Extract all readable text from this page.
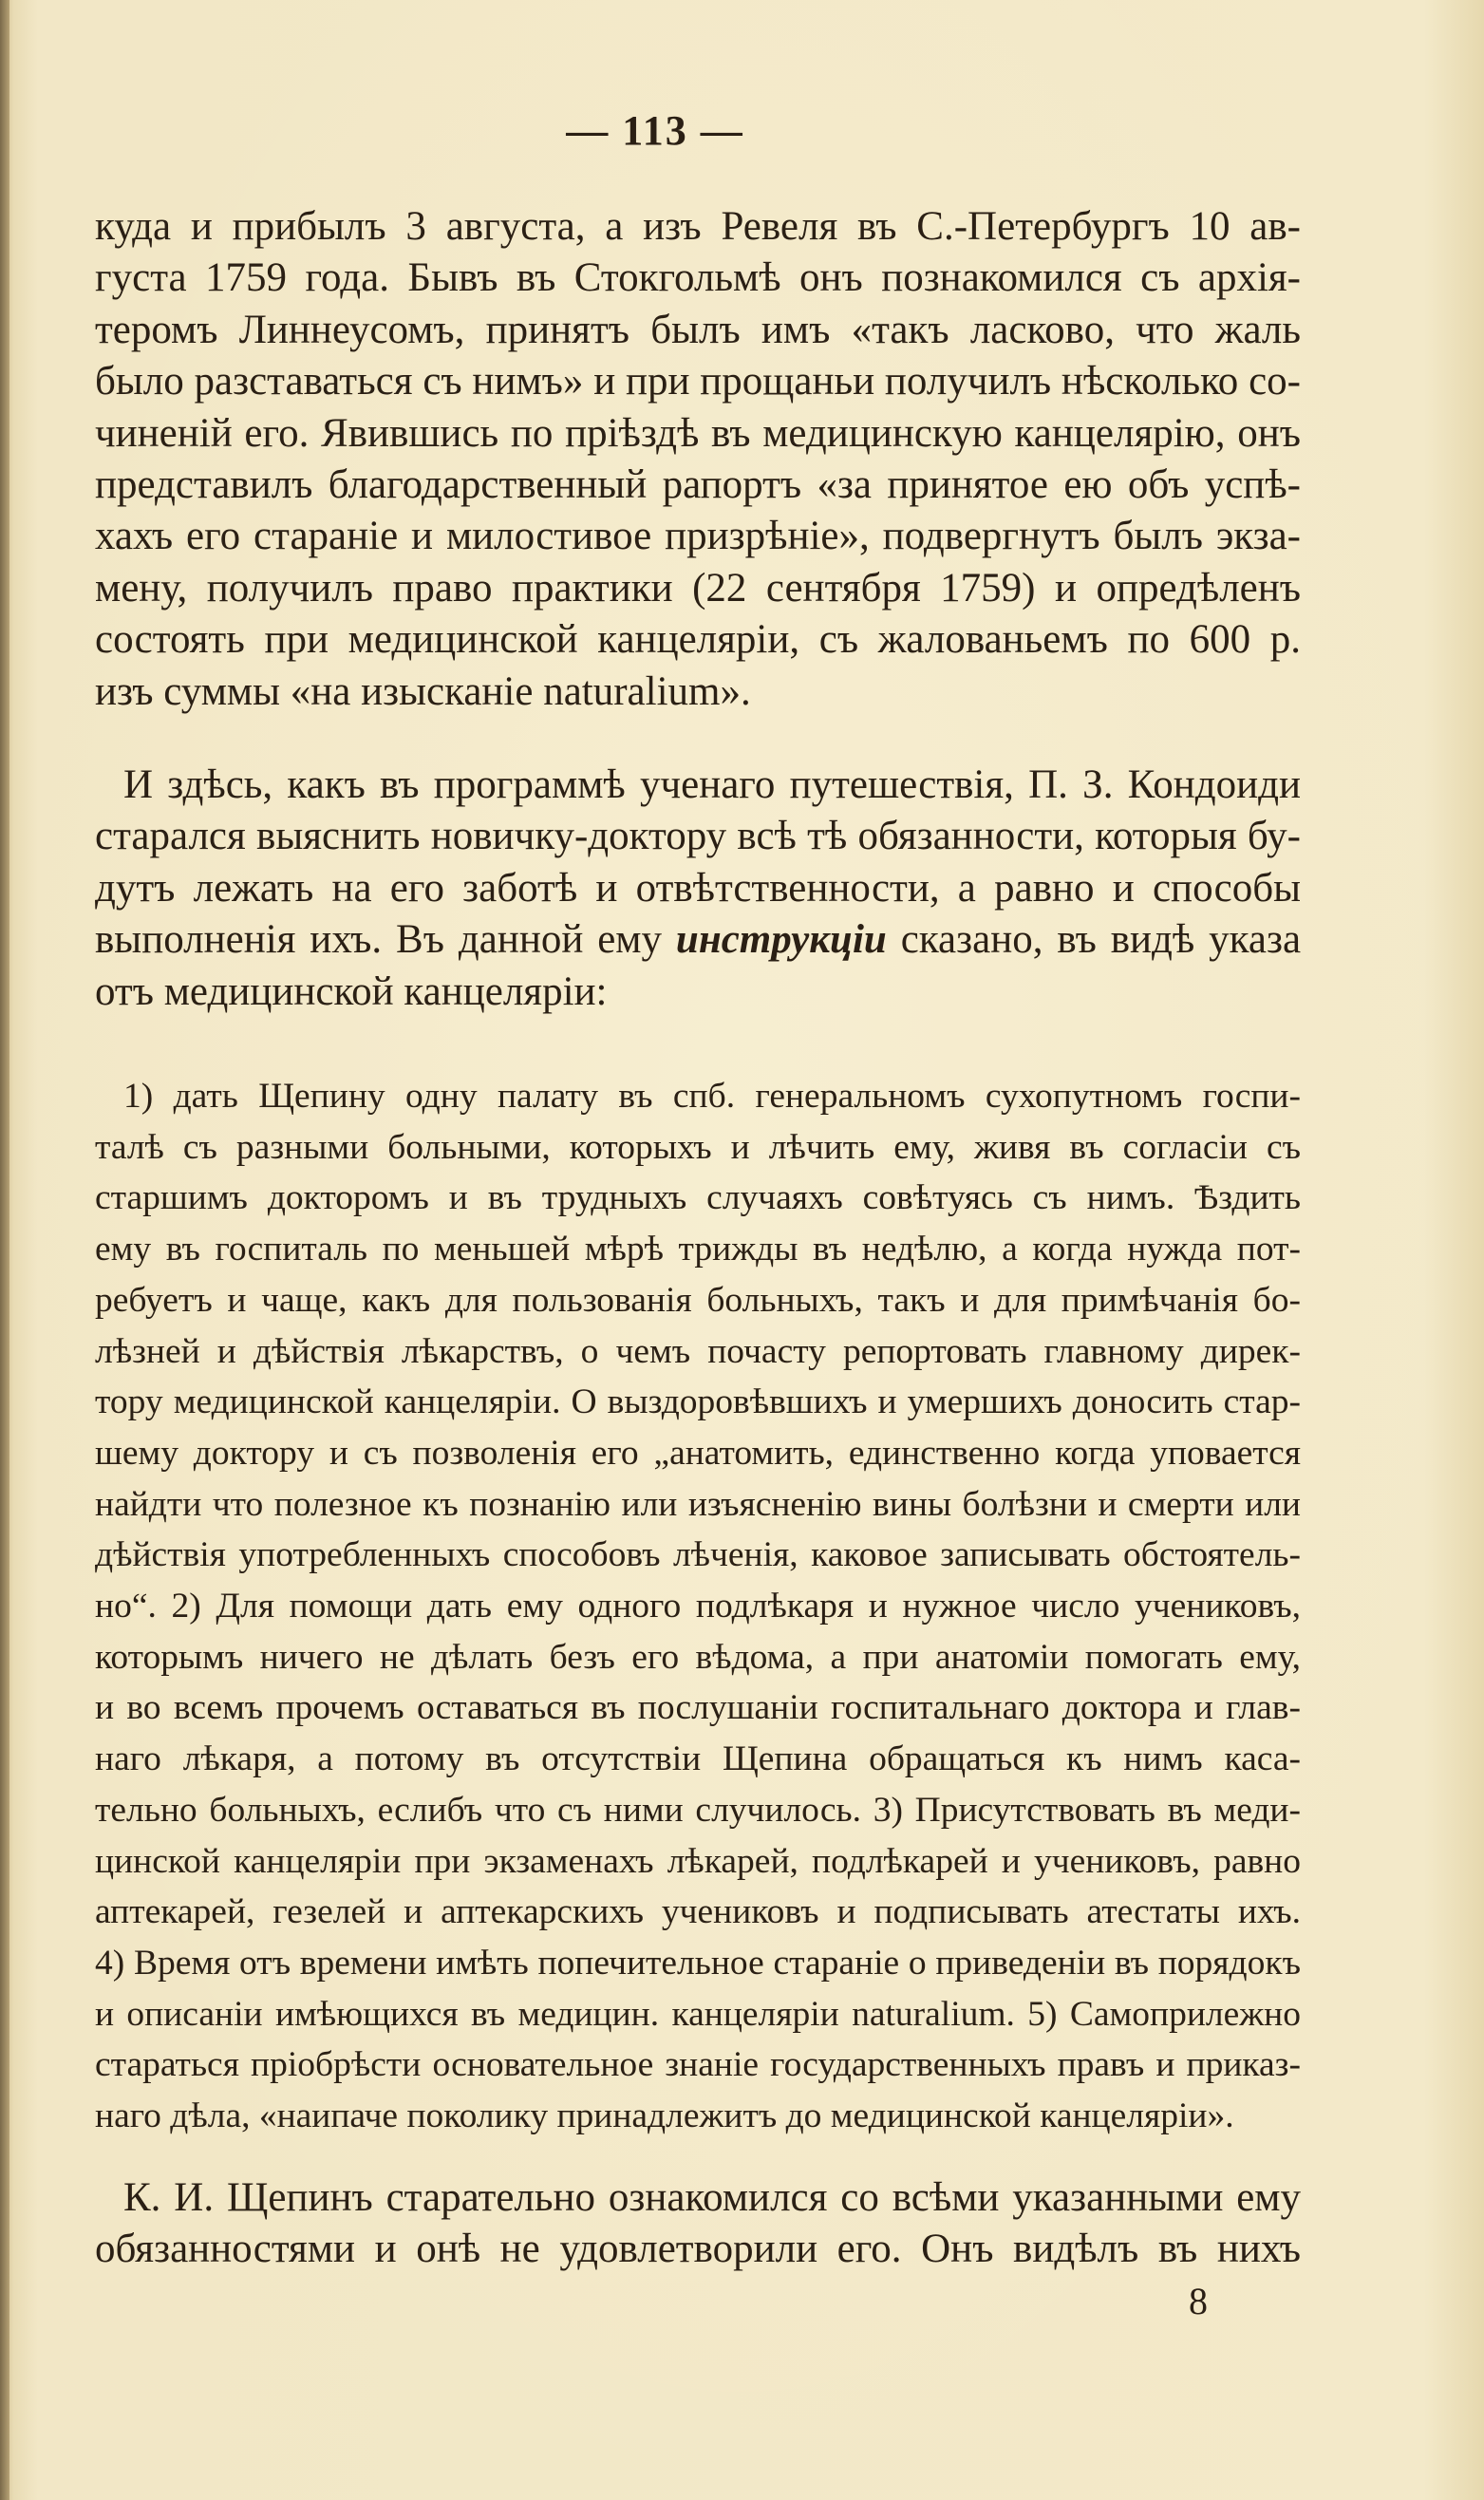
— 113 —
куда и прибылъ 3 августа, а изъ Ревеля въ С.-Петербургъ 10 ав-
густа 1759 года. Бывъ въ Стокгольмѣ онъ познакомился съ архія-
теромъ Линнеусомъ, принятъ былъ имъ «такъ ласково, что жаль
было разставаться съ нимъ» и при прощаньи получилъ нѣсколько со-
чиненій его. Явившись по пріѣздѣ въ медицинскую канцелярію, онъ
представилъ благодарственный рапортъ «за принятое ею объ успѣ-
хахъ его стараніе и милостивое призрѣніе», подвергнутъ былъ экза-
мену, получилъ право практики (22 сентября 1759) и опредѣленъ
состоять при медицинской канцеляріи, съ жалованьемъ по 600 р.
изъ суммы «на изысканіе naturalium».
И здѣсь, какъ въ программѣ ученаго путешествія, П. З. Кондоиди
старался выяснить новичку-доктору всѣ тѣ обязанности, которыя бу-
дутъ лежать на его заботѣ и отвѣтственности, а равно и способы
выполненія ихъ. Въ данной ему инструкціи сказано, въ видѣ указа
отъ медицинской канцеляріи:
1) дать Щепину одну палату въ спб. генеральномъ сухопутномъ госпи-
талѣ съ разными больными, которыхъ и лѣчить ему, живя въ согласіи съ
старшимъ докторомъ и въ трудныхъ случаяхъ совѣтуясь съ нимъ. Ѣздить
ему въ госпиталь по меньшей мѣрѣ трижды въ недѣлю, а когда нужда пот-
ребуетъ и чаще, какъ для пользованія больныхъ, такъ и для примѣчанія бо-
лѣзней и дѣйствія лѣкарствъ, о чемъ почасту репортовать главному дирек-
тору медицинской канцеляріи. О выздоровѣвшихъ и умершихъ доносить стар-
шему доктору и съ позволенія его „анатомить, единственно когда уповается
найдти что полезное къ познанію или изъясненію вины болѣзни и смерти или
дѣйствія употребленныхъ способовъ лѣченія, каковое записывать обстоятель-
но“. 2) Для помощи дать ему одного подлѣкаря и нужное число учениковъ,
которымъ ничего не дѣлать безъ его вѣдома, а при анатоміи помогать ему,
и во всемъ прочемъ оставаться въ послушаніи госпитальнаго доктора и глав-
наго лѣкаря, а потому въ отсутствіи Щепина обращаться къ нимъ каса-
тельно больныхъ, еслибъ что съ ними случилось. 3) Присутствовать въ меди-
цинской канцеляріи при экзаменахъ лѣкарей, подлѣкарей и учениковъ, равно
аптекарей, гезелей и аптекарскихъ учениковъ и подписывать атестаты ихъ.
4) Время отъ времени имѣть попечительное стараніе о приведеніи въ порядокъ
и описаніи имѣющихся въ медицин. канцеляріи naturalium. 5) Самоприлежно
стараться пріобрѣсти основательное знаніе государственныхъ правъ и приказ-
наго дѣла, «наипаче поколику принадлежитъ до медицинской канцеляріи».
К. И. Щепинъ старательно ознакомился со всѣми указанными ему
обязанностями и онѣ не удовлетворили его. Онъ видѣлъ въ нихъ
8
